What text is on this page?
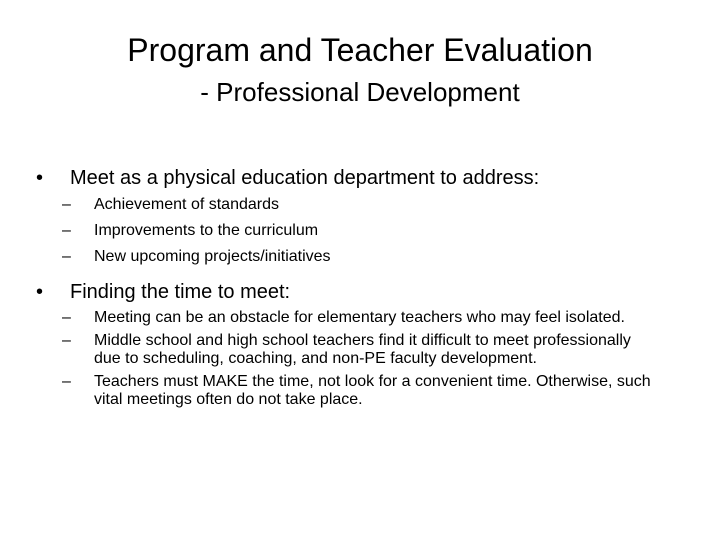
Program and Teacher Evaluation
- Professional Development
•	Meet as a physical education department to address:
–	Achievement of standards
–	Improvements to the curriculum
–	New upcoming projects/initiatives
•	Finding the time to meet:
–	Meeting can be an obstacle for elementary teachers who may feel isolated.
–	Middle school and high school teachers find it difficult to meet professionally due to scheduling, coaching, and non-PE faculty development.
–	Teachers must MAKE the time, not look for a convenient time. Otherwise, such vital meetings often do not take place.
